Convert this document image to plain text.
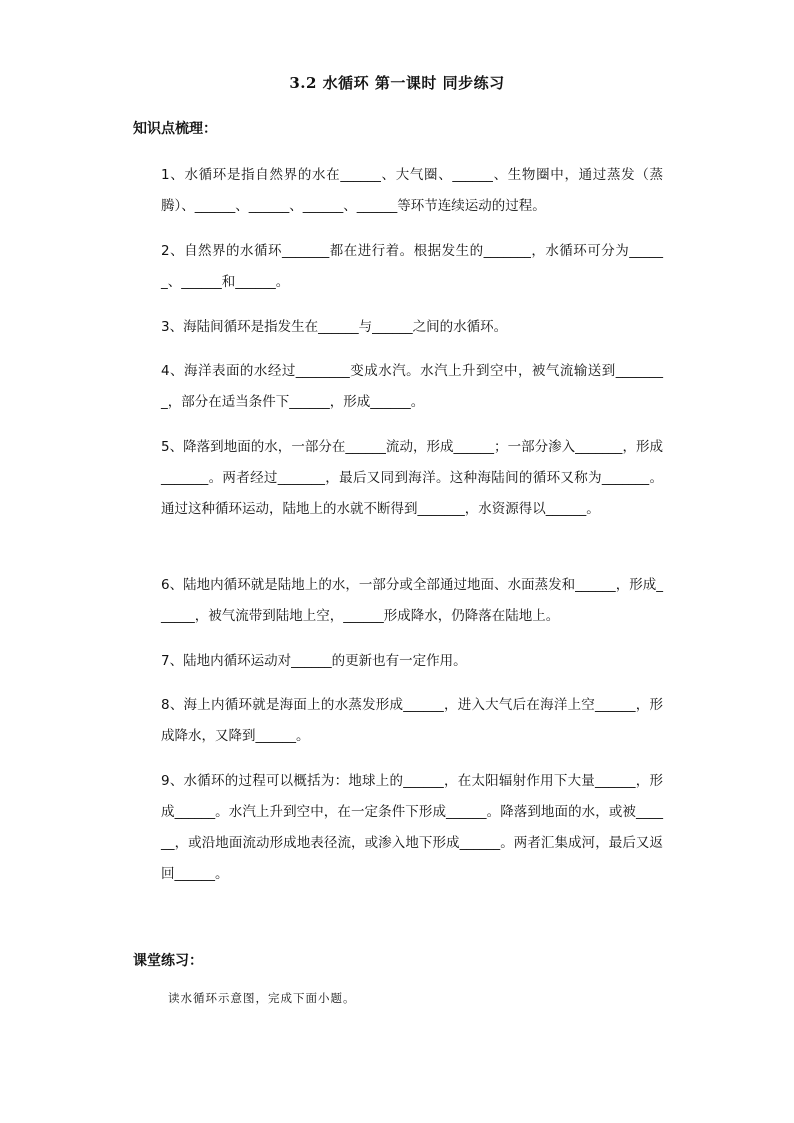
3.2 水循环 第一课时 同步练习
知识点梳理：
1、水循环是指自然界的水在______、大气圈、______、生物圈中，通过蒸发（蒸腾）、______、______、______、______等环节连续运动的过程。
2、自然界的水循环_______都在进行着。根据发生的_______，水循环可分为______、______和______。
3、海陆间循环是指发生在______与______之间的水循环。
4、海洋表面的水经过________变成水汽。水汽上升到空中，被气流输送到________，部分在适当条件下______，形成______。
5、降落到地面的水，一部分在______流动，形成______；一部分渗入_______，形成_______。两者经过_______，最后又同到海洋。这种海陆间的循环又称为_______。通过这种循环运动，陆地上的水就不断得到_______，水资源得以______。
6、陆地内循环就是陆地上的水，一部分或全部通过地面、水面蒸发和______，形成______，被气流带到陆地上空，______形成降水，仍降落在陆地上。
7、陆地内循环运动对______的更新也有一定作用。
8、海上内循环就是海面上的水蒸发形成______，进入大气后在海洋上空______，形成降水，又降到______。
9、水循环的过程可以概括为：地球上的______，在太阳辐射作用下大量______，形成______。水汽上升到空中，在一定条件下形成______。降落到地面的水，或被______，或沿地面流动形成地表径流，或渗入地下形成______。两者汇集成河，最后又返回______。
课堂练习：
读水循环示意图，完成下面小题。
